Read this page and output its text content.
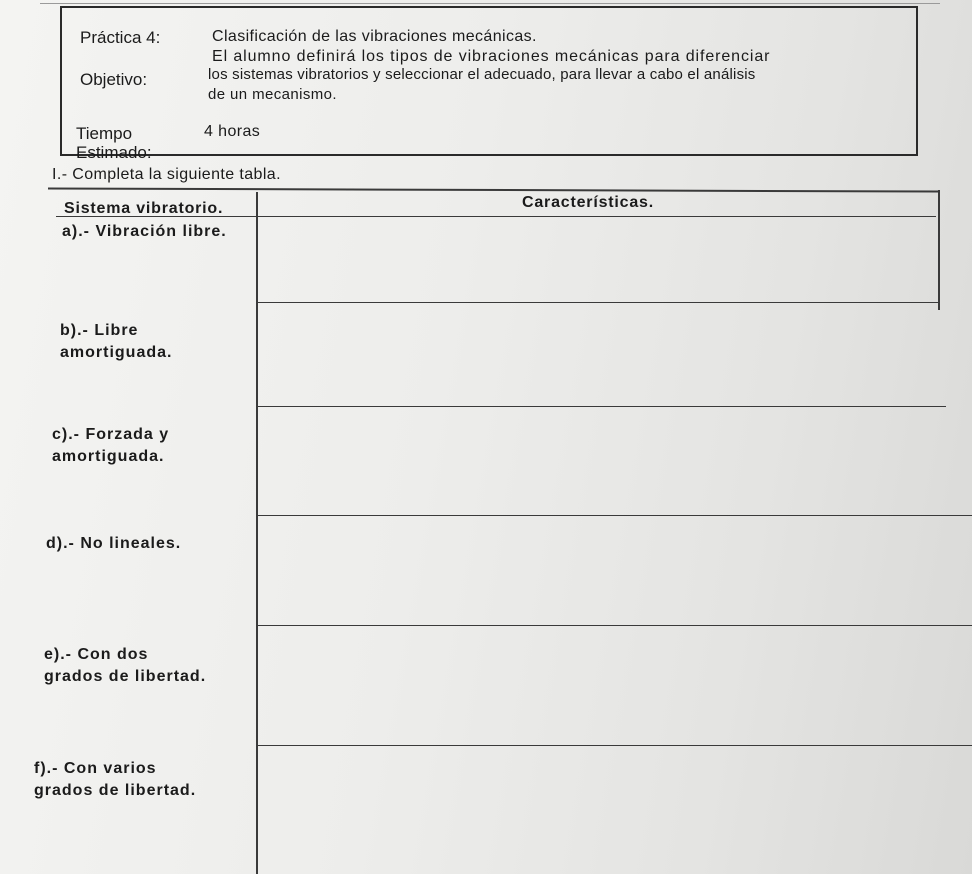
Práctica 4:	Clasificación de las vibraciones mecánicas.
El alumno definirá los tipos de vibraciones mecánicas para diferenciar
Objetivo:	los sistemas vibratorios y seleccionar el adecuado, para llevar a cabo el análisis
de un mecanismo.
Tiempo	4 horas
Estimado:
I.- Completa la siguiente tabla.
Sistema vibratorio.	Características.
a).- Vibración libre.
b).- Libre
amortiguada.
c).- Forzada y
amortiguada.
d).- No lineales.
e).- Con dos
grados de libertad.
f).- Con varios
grados de libertad.
